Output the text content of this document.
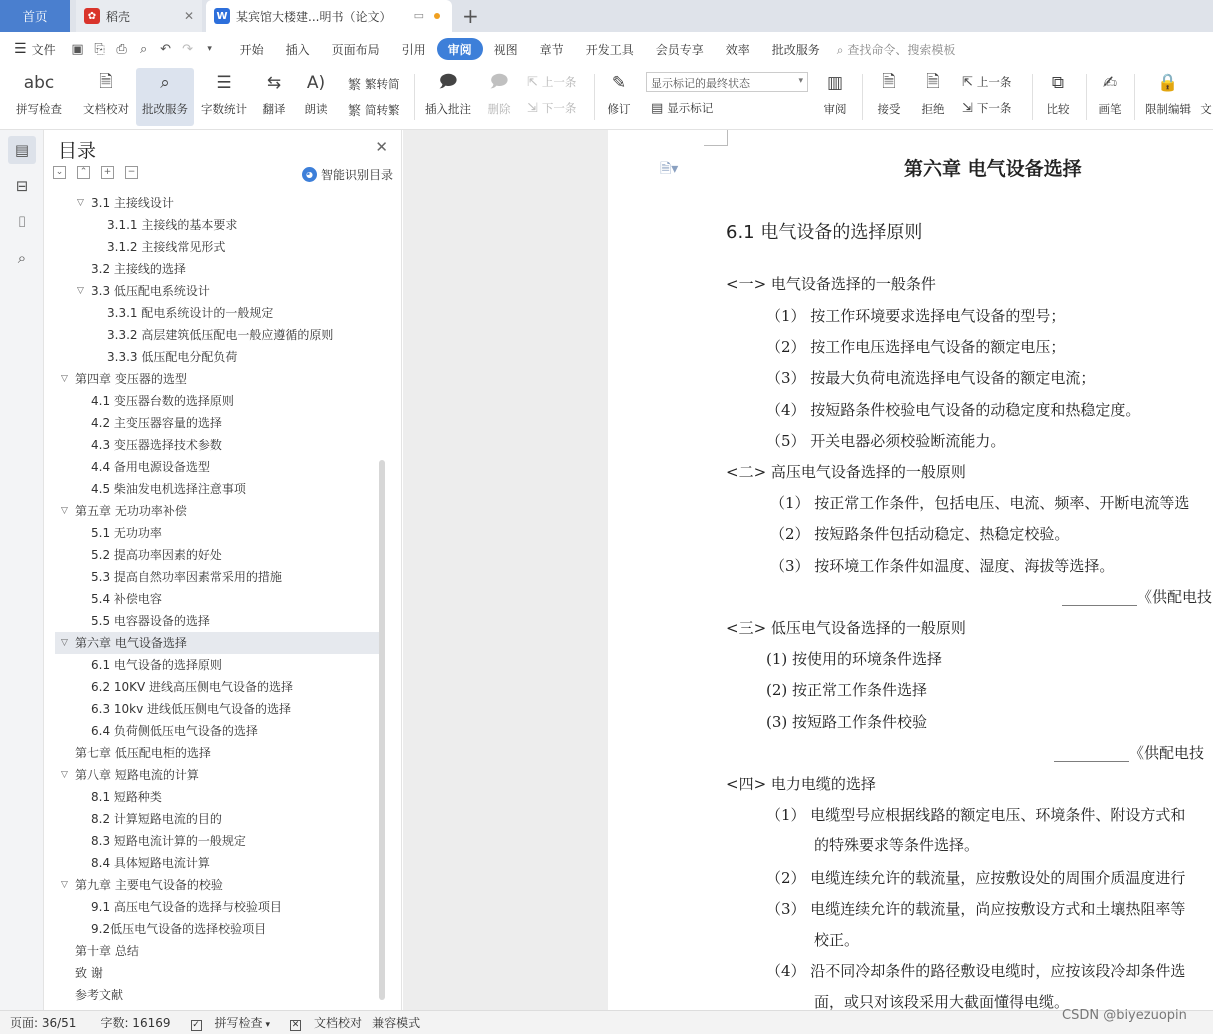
首页	✿ 稻壳	✕ W 某宾馆大楼建...明书（论文） ▭ +
☰ 文件	▣ ⎘ ⎙	⌕ ↶ ↷	▾	开始	插入	页面布局	引用	审阅	视图	章节	开发工具	会员专享	效率	批改服务	⌕ 查找命令、搜索模板
abc
拼写检查
🗎
文档校对
⌕
批改服务
☰
字数统计
⇆
翻译
A)
朗读
繁 繁转简
繁 简转繁
🗩
插入批注
🗩
删除
⇱ 上一条
⇲ 下一条
✎
修订
显示标记的最终状态	▾
▤ 显示标记
▥
审阅
🗎
接受
🗎
拒绝
⇱ 上一条
⇲ 下一条
⧉
比较
✍
画笔
🔒
限制编辑 文
▤
⊟
⌷
⌕
目录	✕
⌄	⌃	+	−	◕ 智能识别目录
▽ 3.1 主接线设计
3.1.1 主接线的基本要求
3.1.2 主接线常见形式
3.2 主接线的选择
▽ 3.3 低压配电系统设计
3.3.1 配电系统设计的一般规定
3.3.2 高层建筑低压配电一般应遵循的原则
3.3.3 低压配电分配负荷
▽ 第四章 变压器的选型
4.1 变压器台数的选择原则
4.2 主变压器容量的选择
4.3 变压器选择技术参数
4.4 备用电源设备选型
4.5 柴油发电机选择注意事项
▽ 第五章 无功功率补偿
5.1 无功功率
5.2 提高功率因素的好处
5.3 提高自然功率因素常采用的措施
5.4 补偿电容
5.5 电容器设备的选择
▽ 第六章 电气设备选择
6.1 电气设备的选择原则
6.2 10KV 进线高压侧电气设备的选择
6.3 10kv 进线低压侧电气设备的选择
6.4 负荷侧低压电气设备的选择
第七章 低压配电柜的选择
▽ 第八章 短路电流的计算
8.1 短路种类
8.2 计算短路电流的目的
8.3 短路电流计算的一般规定
8.4 具体短路电流计算
▽ 第九章 主要电气设备的校验
9.1 高压电气设备的选择与校验项目
9.2低压电气设备的选择校验项目
第十章 总结
致 谢
参考文献
🗎▾	第六章 电气设备选择
6.1 电气设备的选择原则
<一> 电气设备选择的一般条件
（1） 按工作环境要求选择电气设备的型号；
（2） 按工作电压选择电气设备的额定电压；
（3） 按最大负荷电流选择电气设备的额定电流；
（4） 按短路条件校验电气设备的动稳定度和热稳定度。
（5） 开关电器必须校验断流能力。
<二> 高压电气设备选择的一般原则
（1） 按正常工作条件，包括电压、电流、频率、开断电流等选
（2） 按短路条件包括动稳定、热稳定校验。
（3） 按环境工作条件如温度、湿度、海拔等选择。
__________《供配电技
<三> 低压电气设备选择的一般原则
(1) 按使用的环境条件选择
(2) 按正常工作条件选择
(3) 按短路工作条件校验
__________《供配电技
<四> 电力电缆的选择
（1） 电缆型号应根据线路的额定电压、环境条件、附设方式和
的特殊要求等条件选择。
（2） 电缆连续允许的载流量，应按敷设处的周围介质温度进行
（3） 电缆连续允许的载流量，尚应按敷设方式和土壤热阻率等
校正。
（4） 沿不同冷却条件的路径敷设电缆时，应按该段冷却条件选
面，或只对该段采用大截面懂得电缆。
页面: 36/51 字数: 16169	✓ 拼写检查 ▾	✕ 文档校对 兼容模式	CSDN @biyezuopin
